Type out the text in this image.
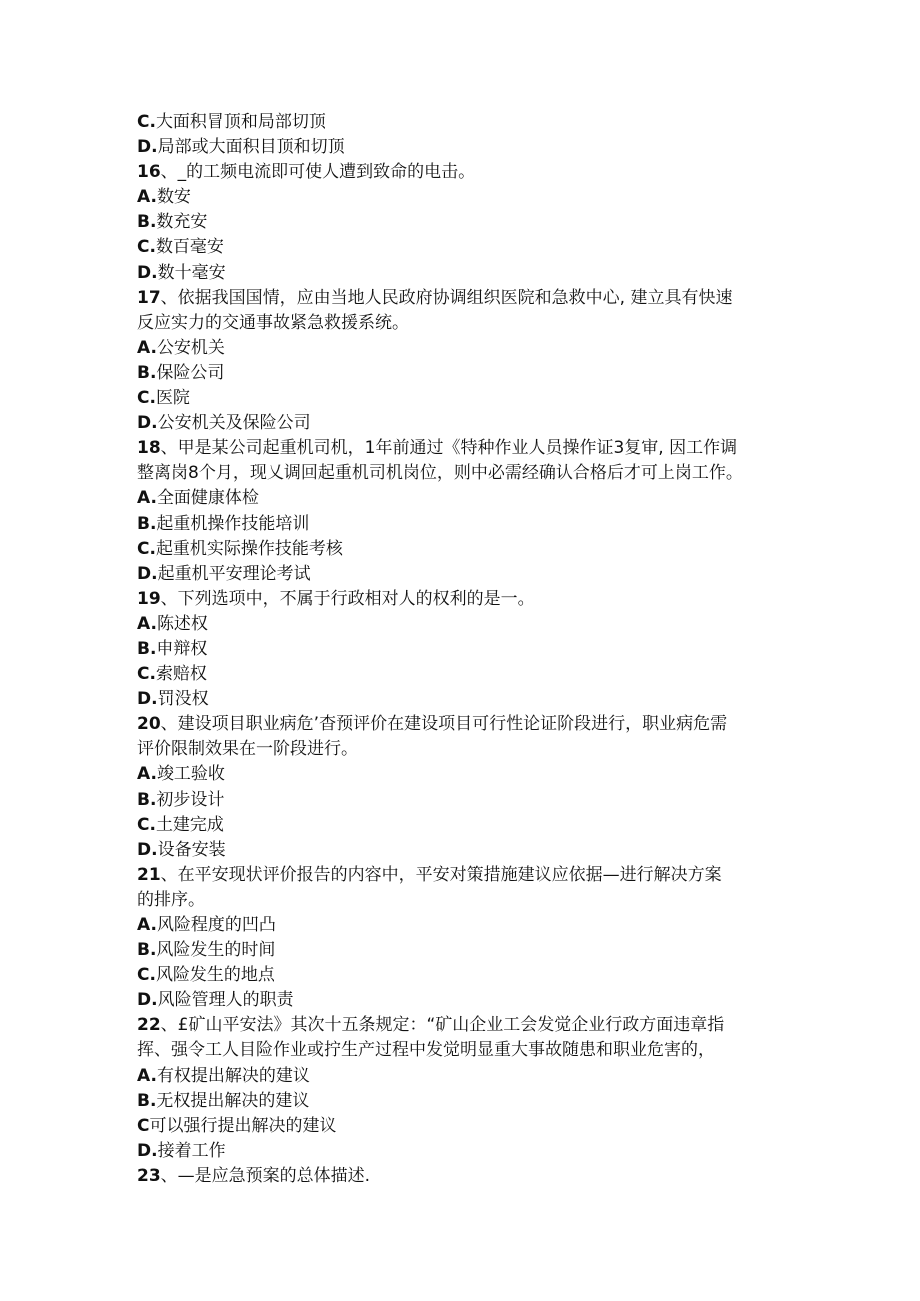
C.大面积冒顶和局部切顶
D.局部或大面积目顶和切顶
16、_的工频电流即可使人遭到致命的电击。
A.数安
B.数充安
C.数百毫安
D.数十毫安
17、依据我国国情，应由当地人民政府协调组织医院和急救中心, 建立具有快速
反应实力的交通事故紧急救援系统。
A.公安机关
B.保险公司
C.医院
D.公安机关及保险公司
18、甲是某公司起重机司机，1年前通过《特种作业人员操作证3复审, 因工作调
整离岗8个月，现乂调回起重机司机岗位，则中必需经确认合格后才可上岗工作。
A.全面健康体检
B.起重机操作技能培训
C.起重机实际操作技能考核
D.起重机平安理论考试
19、下列选项中，不属于行政相对人的权利的是一。
A.陈述权
B.申辩权
C.索赔权
D.罚没权
20、建设项目职业病危’杳预评价在建设项目可行性论证阶段进行，职业病危需
评价限制效果在一阶段进行。
A.竣工验收
B.初步设计
C.土建完成
D.设备安装
21、在平安现状评价报告的内容中，平安对策措施建议应依据—进行解决方案
的排序。
A.风险程度的凹凸
B.风险发生的时间
C.风险发生的地点
D.风险管理人的职责
22、£矿山平安法》其次十五条规定：“矿山企业工会发觉企业行政方面违章指
挥、强令工人目险作业或拧生产过程中发觉明显重大事故随患和职业危害的，
A.有权提出解决的建议
B.无权提出解决的建议
C可以强行提出解决的建议
D.接着工作
23、—是应急预案的总体描述.
